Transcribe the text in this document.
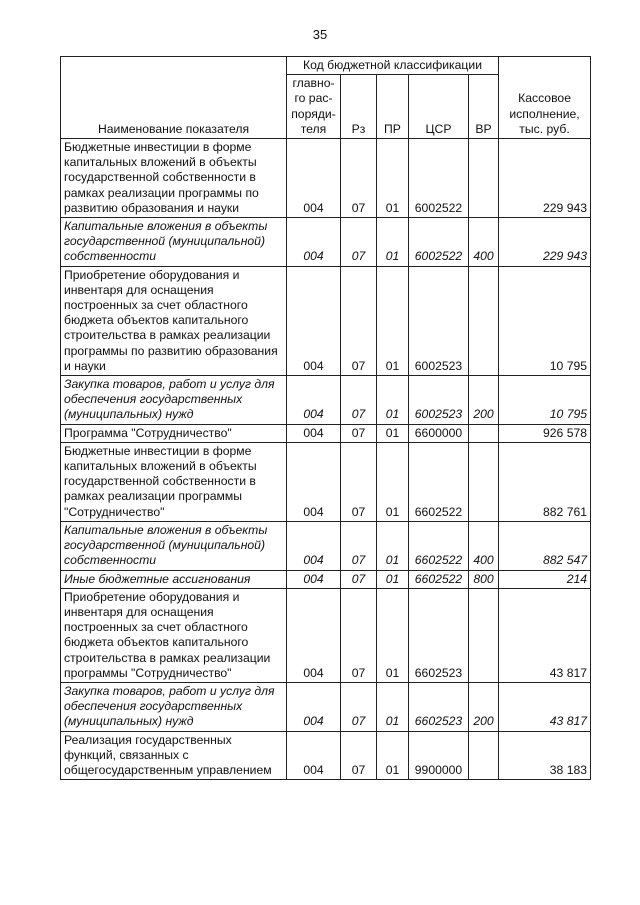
35
Наименование показателя	Код бюджетной классификации					Кассовое исполнение, тыс. руб.
	главно-го рас-поряди-теля	Рз	ПР	ЦСР	ВР	
Бюджетные инвестиции в форме капитальных вложений в объекты государственной собственности в рамках реализации программы по развитию образования и науки	004	07	01	6002522		229 943
Капитальные вложения в объекты государственной (муниципальной) собственности	004	07	01	6002522	400	229 943
Приобретение оборудования и инвентаря для оснащения построенных за счет областного бюджета объектов капитального строительства в рамках реализации программы по развитию образования и науки	004	07	01	6002523		10 795
Закупка товаров, работ и услуг для обеспечения государственных (муниципальных) нужд	004	07	01	6002523	200	10 795
Программа "Сотрудничество"	004	07	01	6600000		926 578
Бюджетные инвестиции в форме капитальных вложений в объекты государственной собственности в рамках реализации программы "Сотрудничество"	004	07	01	6602522		882 761
Капитальные вложения в объекты государственной (муниципальной) собственности	004	07	01	6602522	400	882 547
Иные бюджетные ассигнования	004	07	01	6602522	800	214
Приобретение оборудования и инвентаря для оснащения построенных за счет областного бюджета объектов капитального строительства в рамках реализации программы "Сотрудничество"	004	07	01	6602523		43 817
Закупка товаров, работ и услуг для обеспечения государственных (муниципальных) нужд	004	07	01	6602523	200	43 817
Реализация государственных функций, связанных с общегосударственным управлением	004	07	01	9900000		38 183
